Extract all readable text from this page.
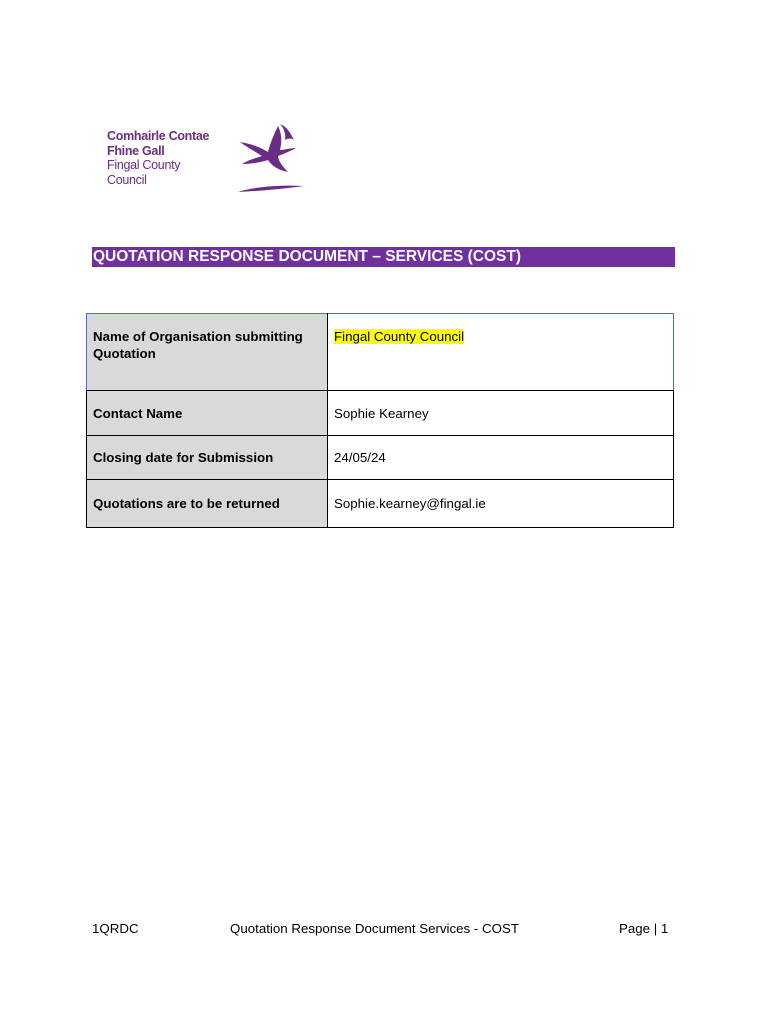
Comhairle Contae
Fhine Gall
Fingal County
Council
QUOTATION RESPONSE DOCUMENT – SERVICES (COST)
Name of Organisation submitting Quotation	Fingal County Council
Contact Name	Sophie Kearney
Closing date for Submission	24/05/24
Quotations are to be returned	Sophie.kearney@fingal.ie
1QRDC	Quotation Response Document Services - COST	Page | 1
